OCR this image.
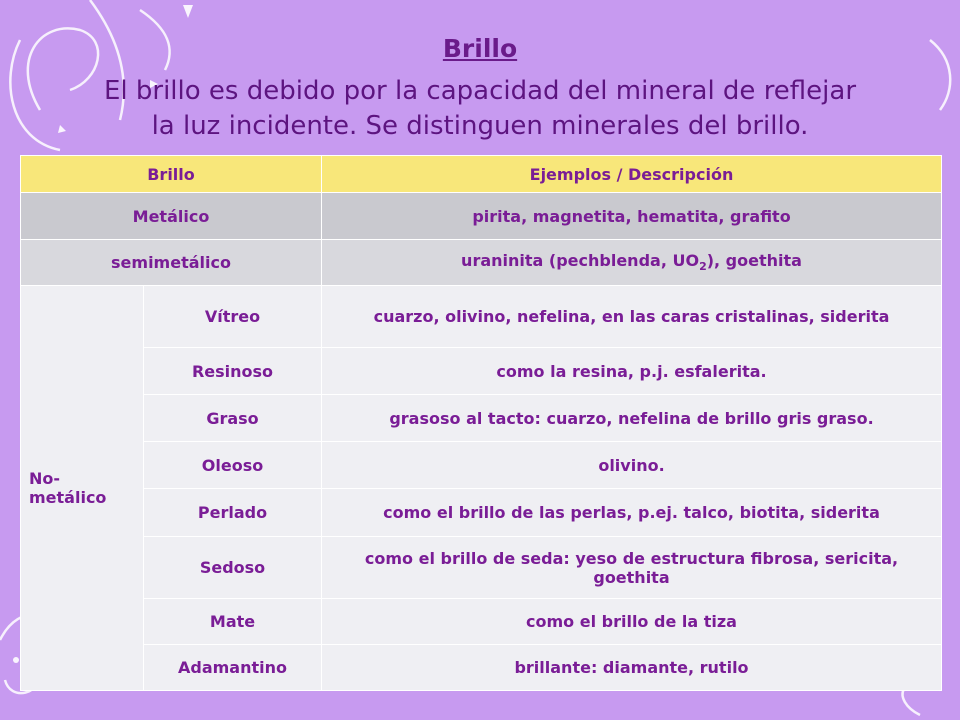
Brillo
El brillo es debido por la capacidad del mineral de reflejar
la luz incidente. Se distinguen minerales del brillo.
Brillo		Ejemplos / Descripción
Metálico		pirita, magnetita, hematita, grafito
semimetálico		uraninita (pechblenda, $UO_2$), goethita
No-metálico	Vítreo	cuarzo, olivino, nefelina, en las caras cristalinas, siderita
	Resinoso	como la resina, p.j. esfalerita.
	Graso	grasoso al tacto: cuarzo, nefelina de brillo gris graso.
	Oleoso	olivino.
	Perlado	como el brillo de las perlas, p.ej. talco, biotita, siderita
	Sedoso	como el brillo de seda: yeso de estructura fibrosa, sericita, goethita
	Mate	como el brillo de la tiza
	Adamantino	brillante: diamante, rutilo
